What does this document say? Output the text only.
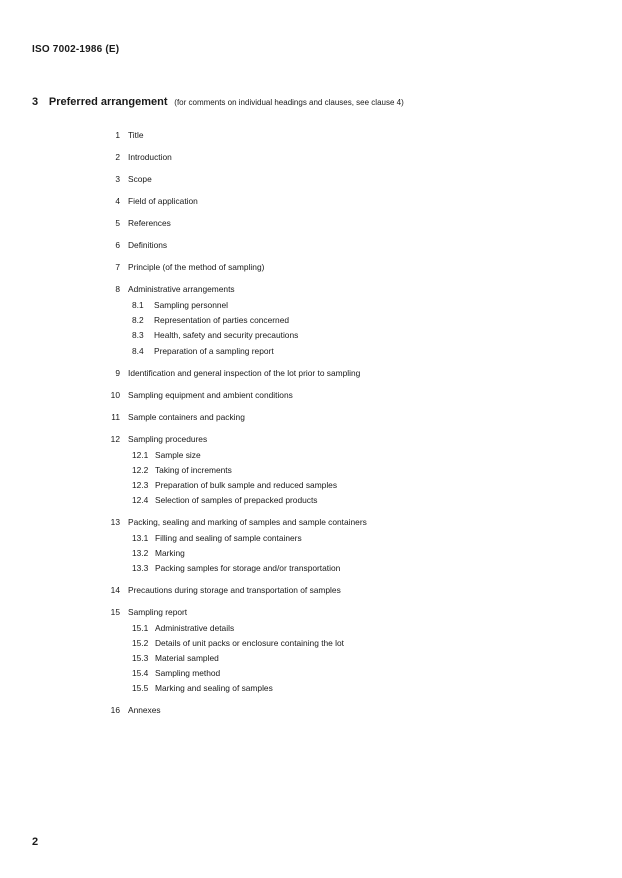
ISO 7002-1986 (E)
3 Preferred arrangement (for comments on individual headings and clauses, see clause 4)
1 Title
2 Introduction
3 Scope
4 Field of application
5 References
6 Definitions
7 Principle (of the method of sampling)
8 Administrative arrangements
8.1 Sampling personnel
8.2 Representation of parties concerned
8.3 Health, safety and security precautions
8.4 Preparation of a sampling report
9 Identification and general inspection of the lot prior to sampling
10 Sampling equipment and ambient conditions
11 Sample containers and packing
12 Sampling procedures
12.1 Sample size
12.2 Taking of increments
12.3 Preparation of bulk sample and reduced samples
12.4 Selection of samples of prepacked products
13 Packing, sealing and marking of samples and sample containers
13.1 Filling and sealing of sample containers
13.2 Marking
13.3 Packing samples for storage and/or transportation
14 Precautions during storage and transportation of samples
15 Sampling report
15.1 Administrative details
15.2 Details of unit packs or enclosure containing the lot
15.3 Material sampled
15.4 Sampling method
15.5 Marking and sealing of samples
16 Annexes
2
